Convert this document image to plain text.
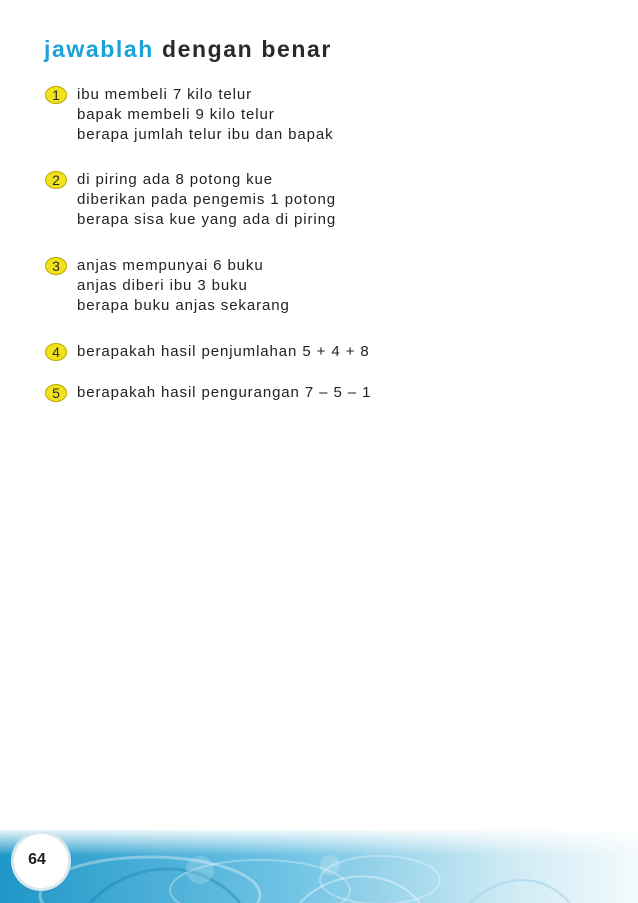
jawablah dengan benar
1	ibu membeli 7 kilo telur
bapak membeli 9 kilo telur
berapa jumlah telur ibu dan bapak
2	di piring ada 8 potong kue
diberikan pada pengemis 1 potong
berapa sisa kue yang ada di piring
3	anjas mempunyai 6 buku
anjas diberi ibu 3 buku
berapa buku anjas sekarang
4	berapakah hasil penjumlahan 5 + 4 + 8
5	berapakah hasil pengurangan 7 – 5 – 1
64
